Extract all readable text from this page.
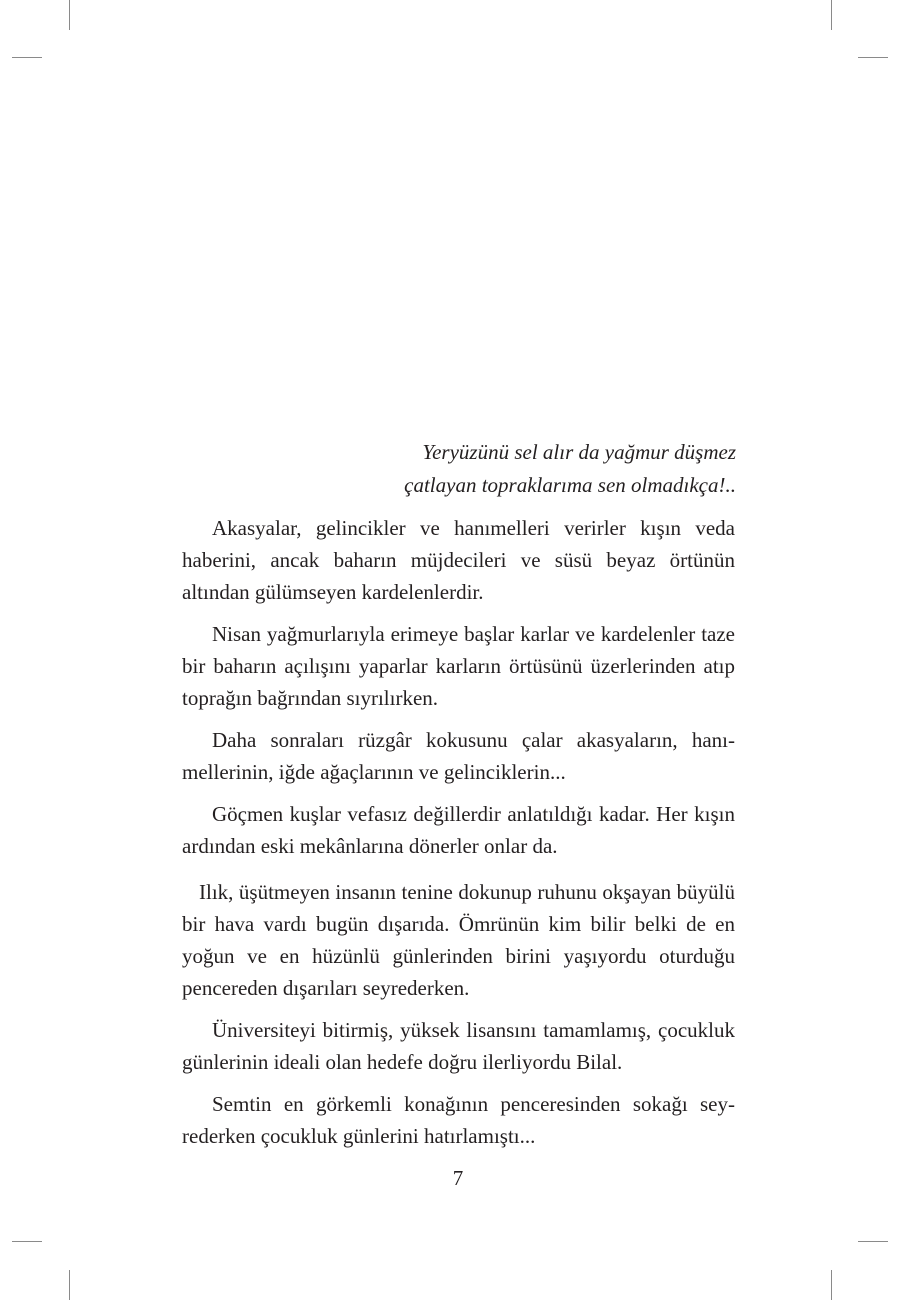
Yeryüzünü sel alır da yağmur düşmez
çatlayan topraklarıma sen olmadıkça!..

Akasyalar, gelincikler ve hanımelleri verirler kışın veda haberini, ancak baharın müjdecileri ve süsü beyaz örtünün altından gülümseyen kardelenlerdir.

Nisan yağmurlarıyla erimeye başlar karlar ve kardelenler taze bir baharın açılışını yaparlar karların örtüsünü üzerlerinden atıp toprağın bağrından sıyrılırken.

Daha sonraları rüzgâr kokusunu çalar akasyaların, hanımellerinin, iğde ağaçlarının ve gelinciklerin...

Göçmen kuşlar vefasız değillerdir anlatıldığı kadar. Her kışın ardından eski mekânlarına dönerler onlar da.

Ilık, üşütmeyen insanın tenine dokunup ruhunu okşayan büyülü bir hava vardı bugün dışarıda. Ömrünün kim bilir belki de en yoğun ve en hüzünlü günlerinden birini yaşıyordu oturduğu pencereden dışarıları seyrederken.

Üniversiteyi bitirmiş, yüksek lisansını tamamlamış, çocukluk günlerinin ideali olan hedefe doğru ilerliyordu Bilal.

Semtin en görkemli konağının penceresinden sokağı seyrederken çocukluk günlerini hatırlamıştı...

7
